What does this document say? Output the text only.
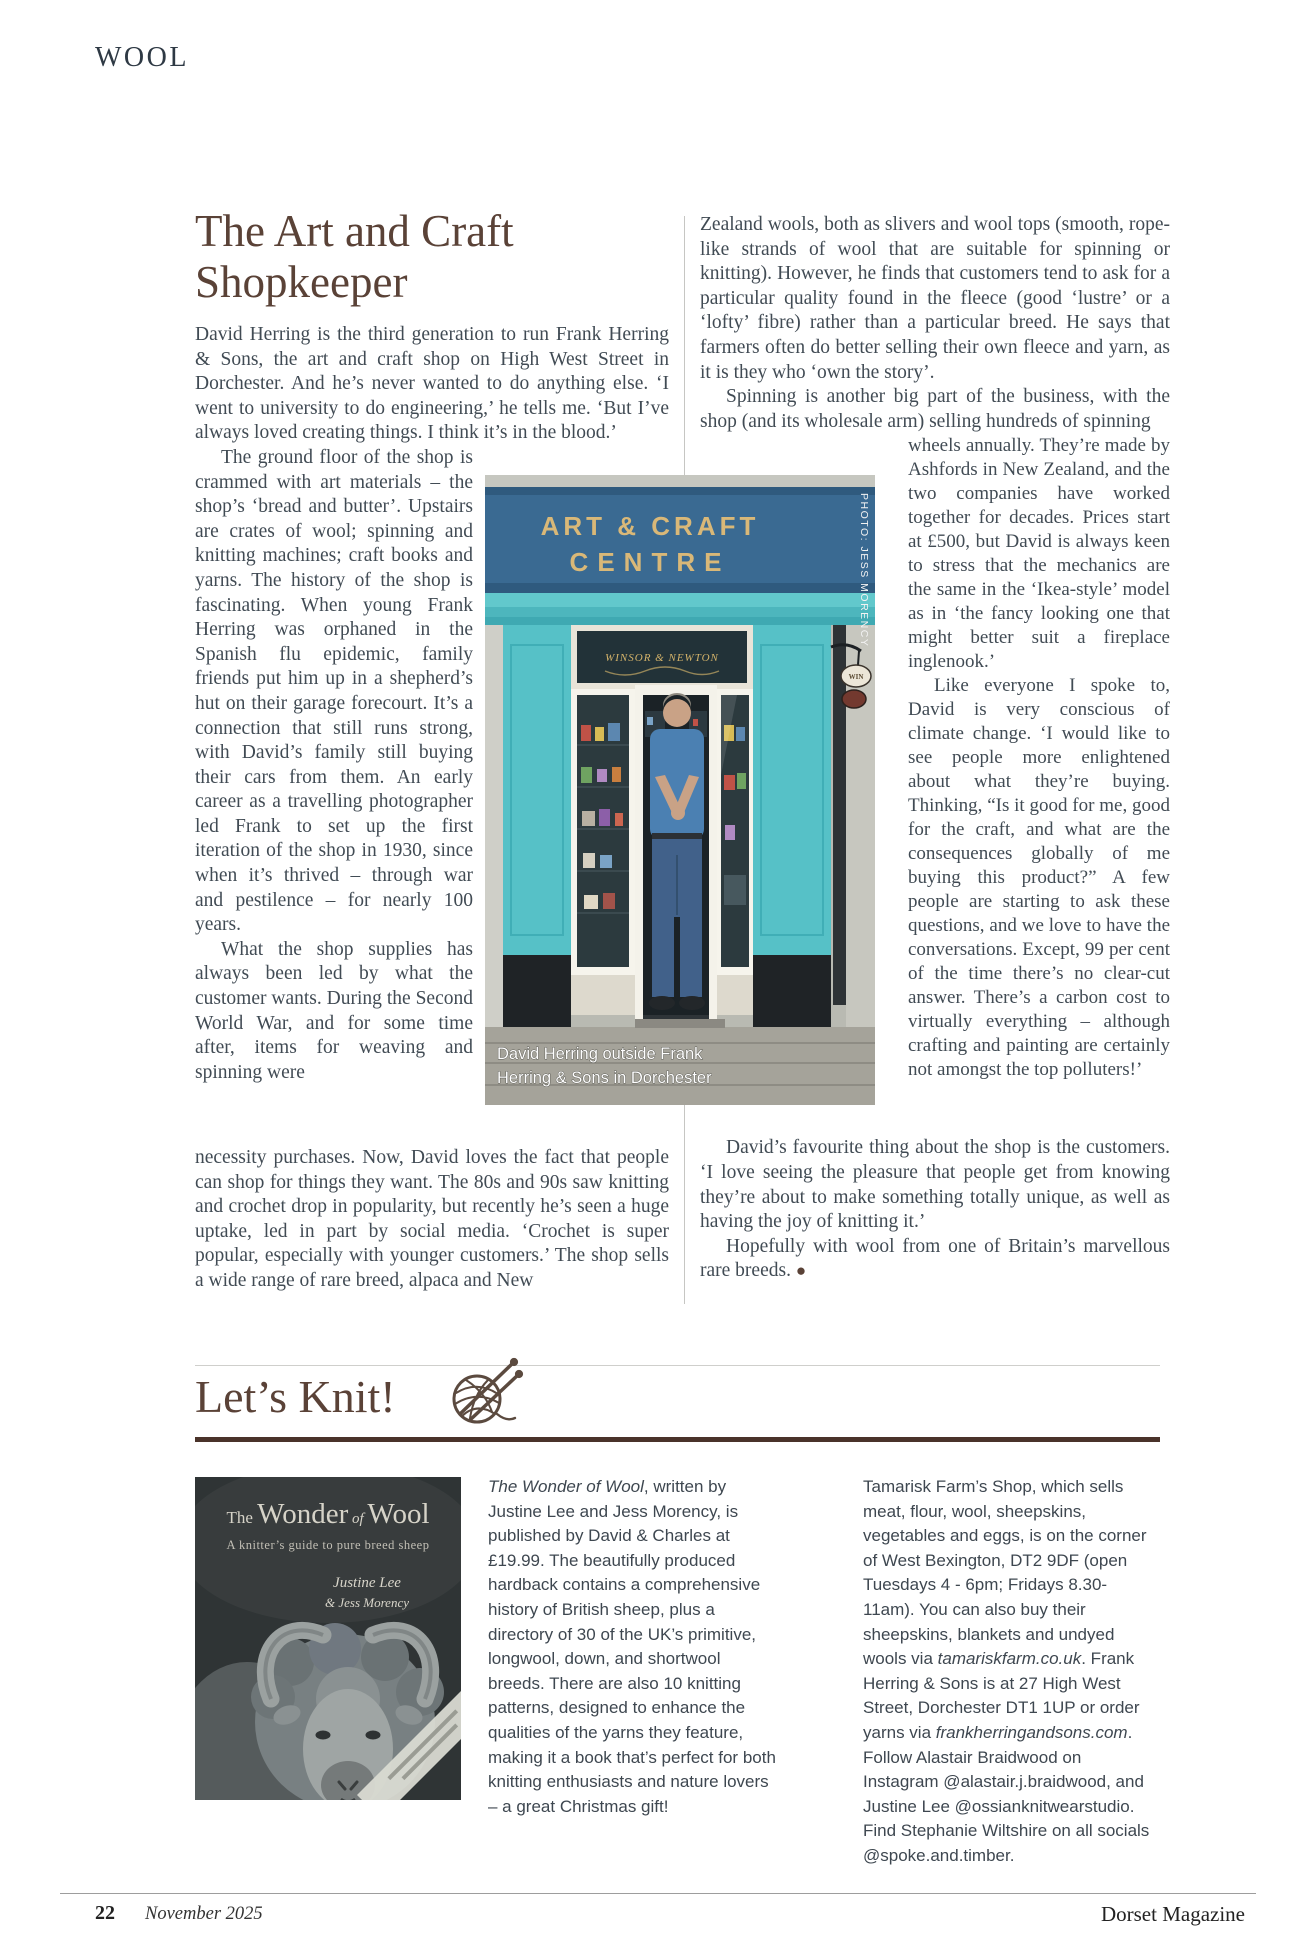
WOOL
The Art and Craft
Shopkeeper

David Herring is the third generation to run Frank Herring & Sons, the art and craft shop on High West Street in Dorchester. And he’s never wanted to do anything else. ‘I went to university to do engineering,’ he tells me. ‘But I’ve always loved creating things. I think it’s in the blood.’

The ground floor of the shop is crammed with art materials – the shop’s ‘bread and butter’. Upstairs are crates of wool; spinning and knitting machines; craft books and yarns. The history of the shop is fascinating. When young Frank Herring was orphaned in the Spanish flu epidemic, family friends put him up in a shepherd’s hut on their garage forecourt. It’s a connection that still runs strong, with David’s family still buying their cars from them. An early career as a travelling photographer led Frank to set up the first iteration of the shop in 1930, since when it’s thrived – through war and pestilence – for nearly 100 years.

What the shop supplies has always been led by what the customer wants. During the Second World War, and for some time after, items for weaving and spinning were

necessity purchases. Now, David loves the fact that people can shop for things they want. The 80s and 90s saw knitting and crochet drop in popularity, but recently he’s seen a huge uptake, led in part by social media. ‘Crochet is super popular, especially with younger customers.’ The shop sells a wide range of rare breed, alpaca and New

Zealand wools, both as slivers and wool tops (smooth, rope-like strands of wool that are suitable for spinning or knitting). However, he finds that customers tend to ask for a particular quality found in the fleece (good ‘lustre’ or a ‘lofty’ fibre) rather than a particular breed. He says that farmers often do better selling their own fleece and yarn, as it is they who ‘own the story’.

Spinning is another big part of the business, with the shop (and its wholesale arm) selling hundreds of spinning

wheels annually. They’re made by Ashfords in New Zealand, and the two companies have worked together for decades. Prices start at £500, but David is always keen to stress that the mechanics are the same in the ‘Ikea-style’ model as in ‘the fancy looking one that might better suit a fireplace inglenook.’

Like everyone I spoke to, David is very conscious of climate change. ‘I would like to see people more enlightened about what they’re buying. Thinking, “Is it good for me, good for the craft, and what are the consequences globally of me buying this product?” A few people are starting to ask these questions, and we love to have the conversations. Except, 99 per cent of the time there’s no clear-cut answer. There’s a carbon cost to virtually everything – although crafting and painting are certainly not amongst the top polluters!’

David’s favourite thing about the shop is the customers. ‘I love seeing the pleasure that people get from knowing they’re about to make something totally unique, as well as having the joy of knitting it.’

Hopefully with wool from one of Britain’s marvellous rare breeds. ●

ART & CRAFT
CENTRE
WINSOR & NEWTON
WIN
PHOTO: JESS MORENCY
David Herring outside Frank
Herring & Sons in Dorchester
Let’s Knit!
The Wonder of Wool
A knitter’s guide to pure breed sheep
Justine Lee
& Jess Morency

The Wonder of Wool, written by Justine Lee and Jess Morency, is published by David & Charles at £19.99. The beautifully produced hardback contains a comprehensive history of British sheep, plus a directory of 30 of the UK’s primitive, longwool, down, and shortwool breeds. There are also 10 knitting patterns, designed to enhance the qualities of the yarns they feature, making it a book that’s perfect for both knitting enthusiasts and nature lovers – a great Christmas gift!

Tamarisk Farm’s Shop, which sells meat, flour, wool, sheepskins, vegetables and eggs, is on the corner of West Bexington, DT2 9DF (open Tuesdays 4 - 6pm; Fridays 8.30-11am). You can also buy their sheepskins, blankets and undyed wools via tamariskfarm.co.uk. Frank Herring & Sons is at 27 High West Street, Dorchester DT1 1UP or order yarns via frankherringandsons.com. Follow Alastair Braidwood on Instagram @alastair.j.braidwood, and Justine Lee @ossianknitwearstudio. Find Stephanie Wiltshire on all socials @spoke.and.timber.

22 November 2025	Dorset Magazine
